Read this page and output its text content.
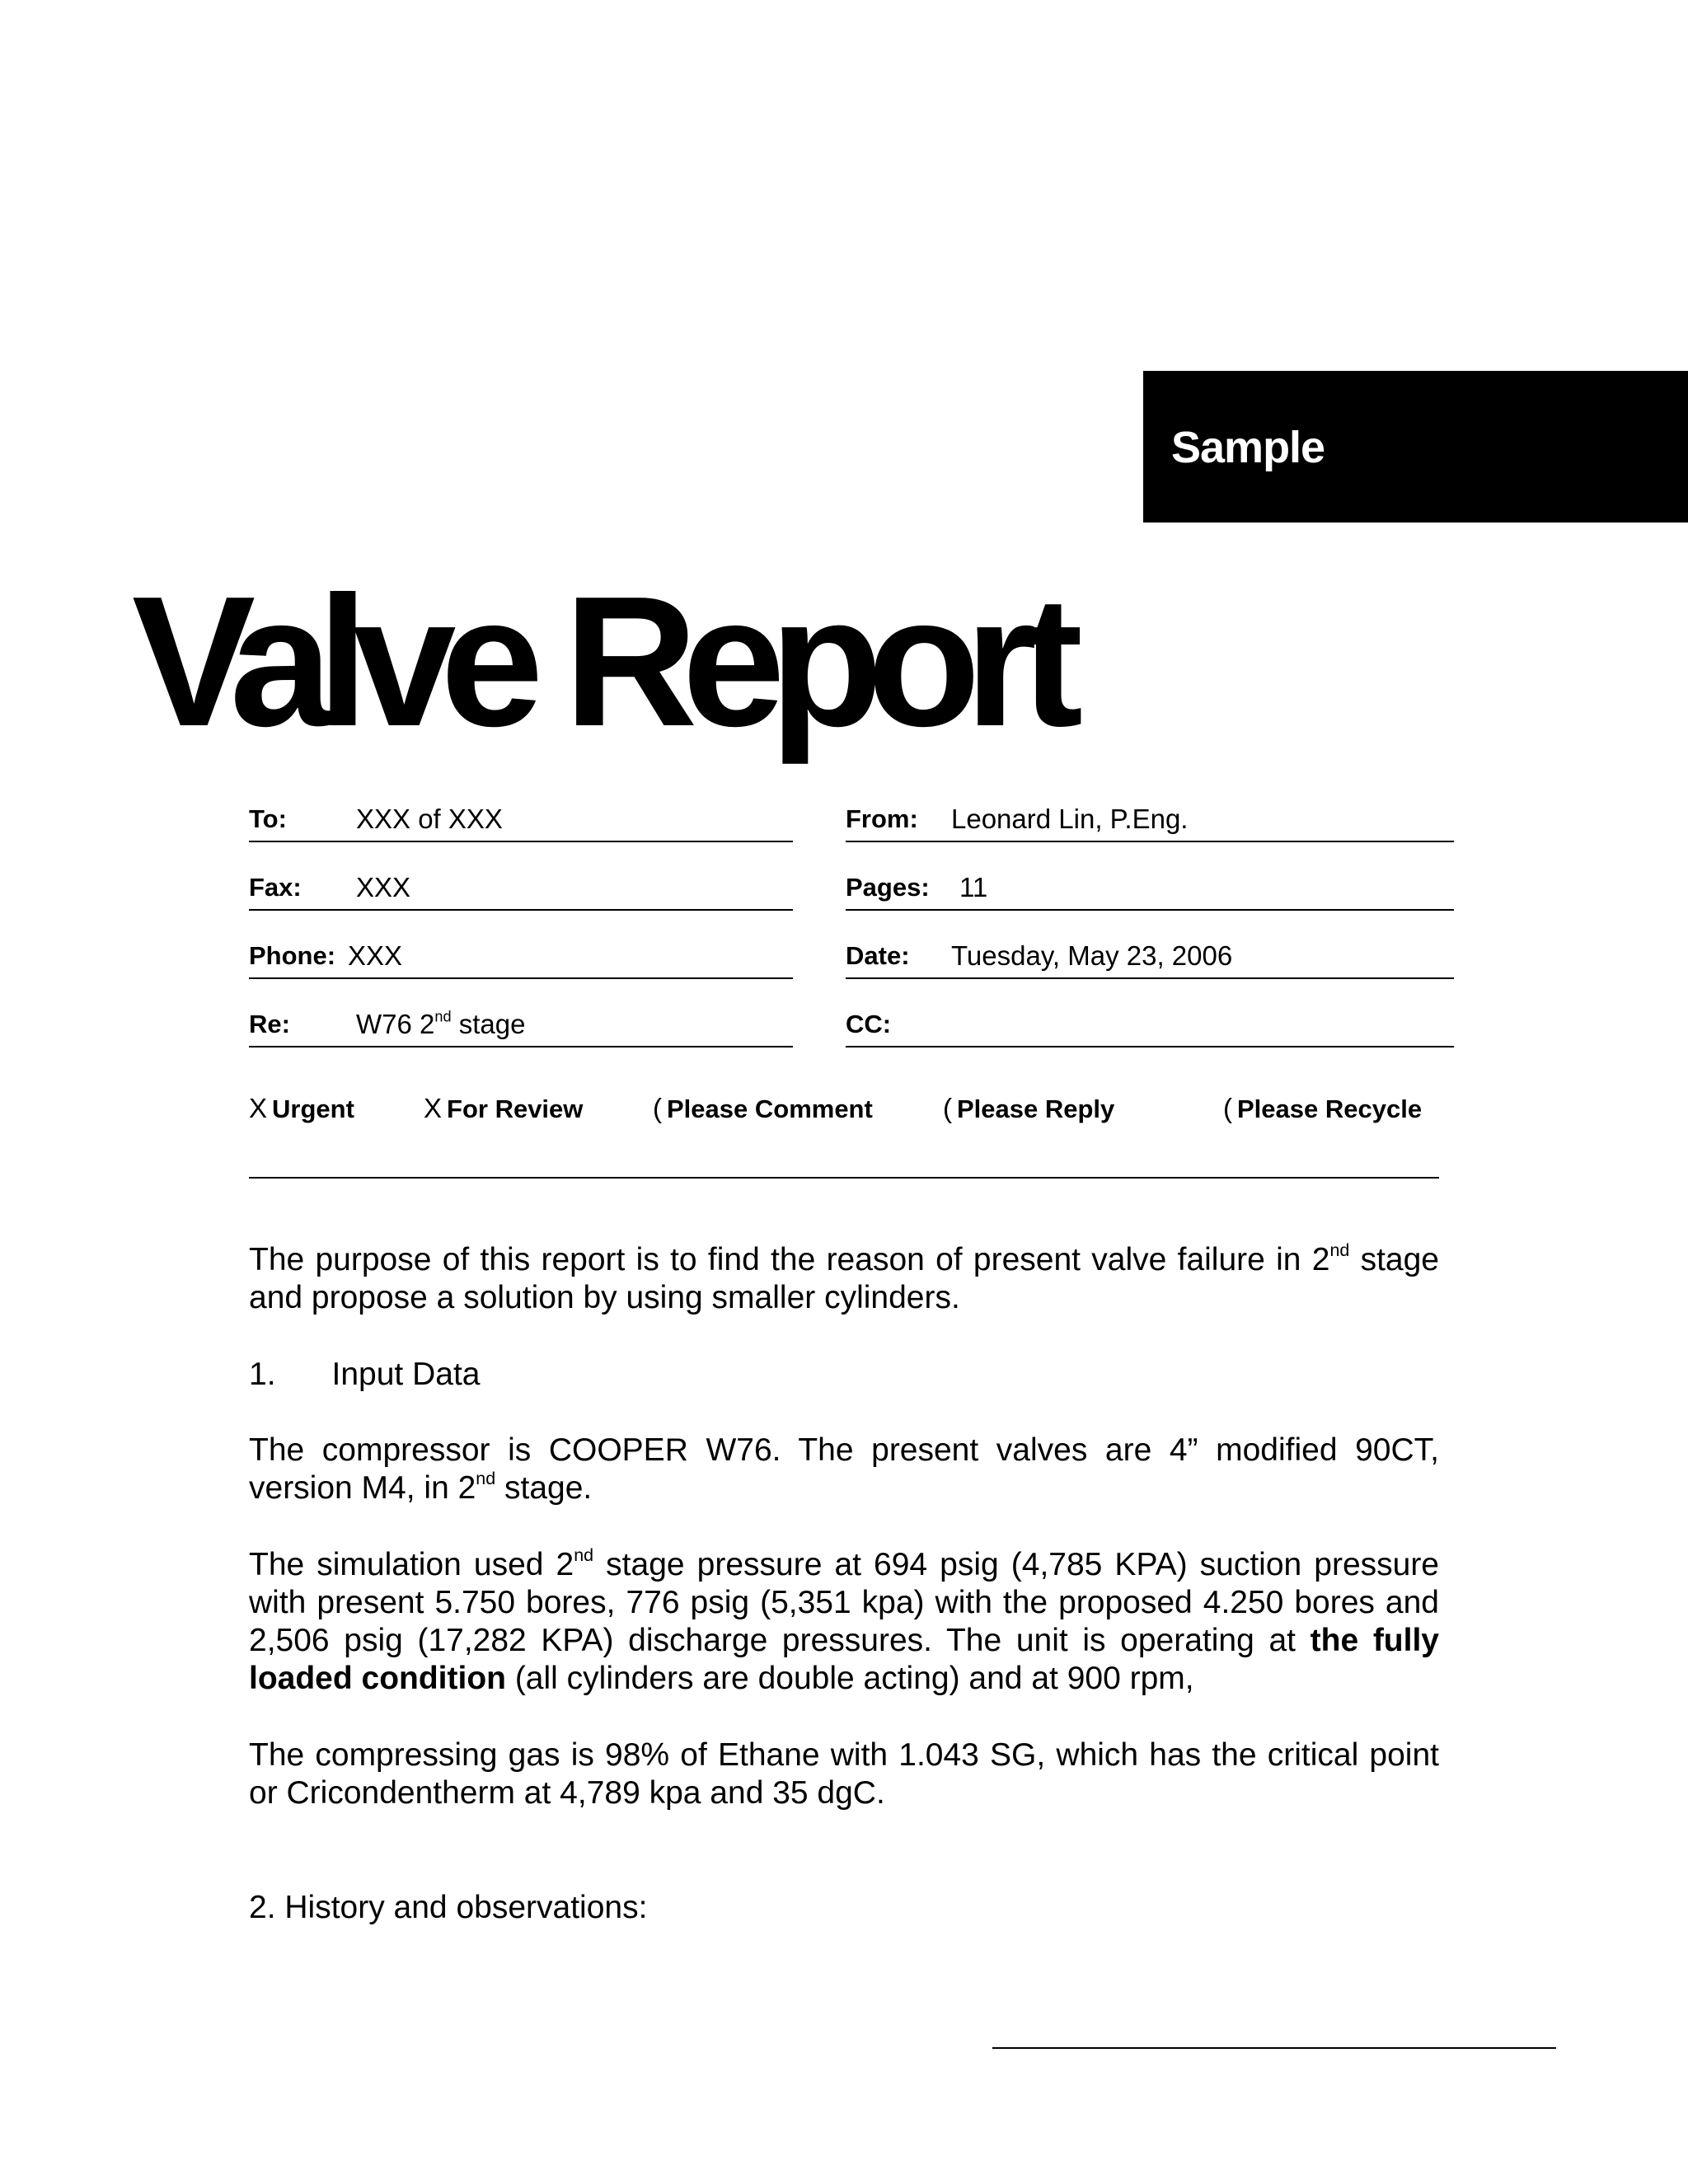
Sample
Valve Report
To:	XXX of XXX	From: Leonard Lin, P.Eng.
Fax: XXX	Pages: 11
Phone: XXX	Date: Tuesday, May 23, 2006
Re: W76 2nd stage	CC:
X Urgent	X For Review	( Please Comment	( Please Reply	( Please Recycle

The purpose of this report is to find the reason of present valve failure in 2nd stage and propose a solution by using smaller cylinders.

1. Input Data

The compressor is COOPER W76. The present valves are 4” modified 90CT, version M4, in 2nd stage.

The simulation used 2nd stage pressure at 694 psig (4,785 KPA) suction pressure with present 5.750 bores, 776 psig (5,351 kpa) with the proposed 4.250 bores and 2,506 psig (17,282 KPA) discharge pressures. The unit is operating at the fully loaded condition (all cylinders are double acting) and at 900 rpm,

The compressing gas is 98% of Ethane with 1.043 SG, which has the critical point or Cricondentherm at 4,789 kpa and 35 dgC.

2. History and observations:
